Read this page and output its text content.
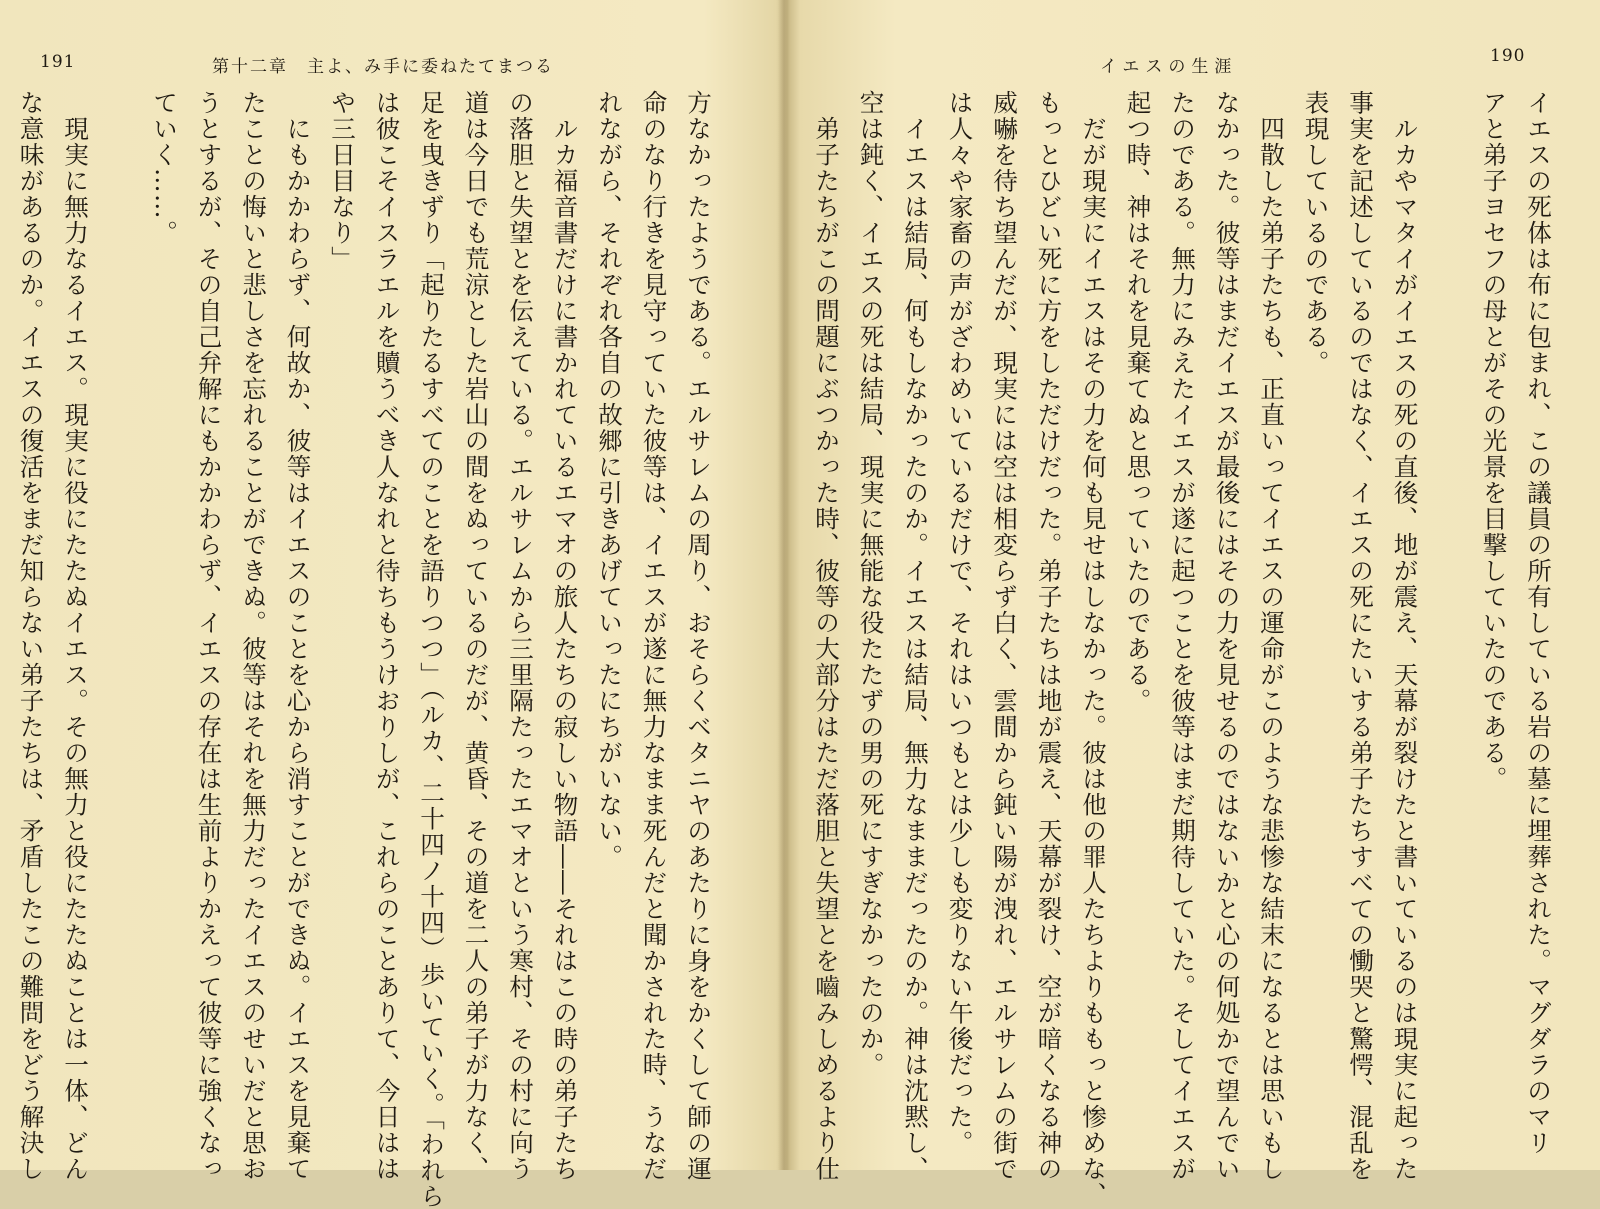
191	第十二章　主よ、み手に委ねたてまつる
方なかったようである。エルサレムの周り、おそらくベタニヤのあたりに身をかくして師の運
命のなり行きを見守っていた彼等は、イエスが遂に無力なまま死んだと聞かされた時、うなだ
れながら、それぞれ各自の故郷に引きあげていったにちがいない。
　ルカ福音書だけに書かれているエマオの旅人たちの寂しい物語――それはこの時の弟子たち
の落胆と失望とを伝えている。エルサレムから三里隔たったエマオという寒村、その村に向う
道は今日でも荒涼とした岩山の間をぬっているのだが、黄昏、その道を二人の弟子が力なく、
足を曳きずり「起りたるすべてのことを語りつつ」（ルカ、二十四ノ十四）歩いていく。「われら
は彼こそイスラエルを贖うべき人なれと待ちもうけおりしが、これらのことありて、今日はは
や三日目なり」
　にもかかわらず、何故か、彼等はイエスのことを心から消すことができぬ。イエスを見棄て
たことの悔いと悲しさを忘れることができぬ。彼等はそれを無力だったイエスのせいだと思お
うとするが、その自己弁解にもかかわらず、イエスの存在は生前よりかえって彼等に強くなっ
ていく……。

　現実に無力なるイエス。現実に役にたたぬイエス。その無力と役にたたぬことは一体、どん
な意味があるのか。イエスの復活をまだ知らない弟子たちは、矛盾したこの難問をどう解決し
イエスの生涯
190
イエスの死体は布に包まれ、この議員の所有している岩の墓に埋葬された。マグダラのマリ
アと弟子ヨセフの母とがその光景を目撃していたのである。

　ルカやマタイがイエスの死の直後、地が震え、天幕が裂けたと書いているのは現実に起った
事実を記述しているのではなく、イエスの死にたいする弟子たちすべての慟哭と驚愕、混乱を
表現しているのである。
　四散した弟子たちも、正直いってイエスの運命がこのような悲惨な結末になるとは思いもし
なかった。彼等はまだイエスが最後にはその力を見せるのではないかと心の何処かで望んでい
たのである。無力にみえたイエスが遂に起つことを彼等はまだ期待していた。そしてイエスが
起つ時、神はそれを見棄てぬと思っていたのである。
　だが現実にイエスはその力を何も見せはしなかった。彼は他の罪人たちよりももっと惨めな、
もっとひどい死に方をしただけだった。弟子たちは地が震え、天幕が裂け、空が暗くなる神の
威嚇を待ち望んだが、現実には空は相変らず白く、雲間から鈍い陽が洩れ、エルサレムの街で
は人々や家畜の声がざわめいているだけで、それはいつもとは少しも変りない午後だった。
　イエスは結局、何もしなかったのか。イエスは結局、無力なままだったのか。神は沈黙し、
空は鈍く、イエスの死は結局、現実に無能な役たたずの男の死にすぎなかったのか。
　弟子たちがこの問題にぶつかった時、彼等の大部分はただ落胆と失望とを嚙みしめるより仕
